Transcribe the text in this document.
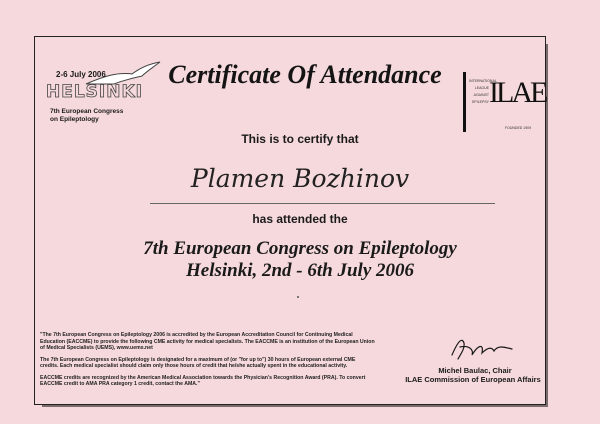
2-6 July 2006
HELSINKI
7th European Congress
on Epileptology
Certificate Of Attendance	INTERNATIONAL
LEAGUE
AGAINST
EPILEPSY ILAE
FOUNDED 1909
This is to certify that
Plamen Bozhinov
has attended the
7th European Congress on Epileptology
Helsinki, 2nd - 6th July 2006

"The 7th European Congress on Epileptology 2006 is accredited by the European Accreditation Council for Continuing Medical Education (EACCME) to provide the following CME activity for medical specialists. The EACCME is an institution of the European Union of Medical Specialists (UEMS), www.uems.net

The 7th European Congress on Epileptology is designated for a maximum of (or "for up to") 30 hours of European external CME credits. Each medical specialist should claim only those hours of credit that he/she actually spent in the educational activity.

EACCME credits are recognized by the American Medical Association towards the Physician's Recognition Award (PRA). To convert EACCME credit to AMA PRA category 1 credit, contact the AMA."

Michel Baulac, Chair
ILAE Commission of European Affairs
